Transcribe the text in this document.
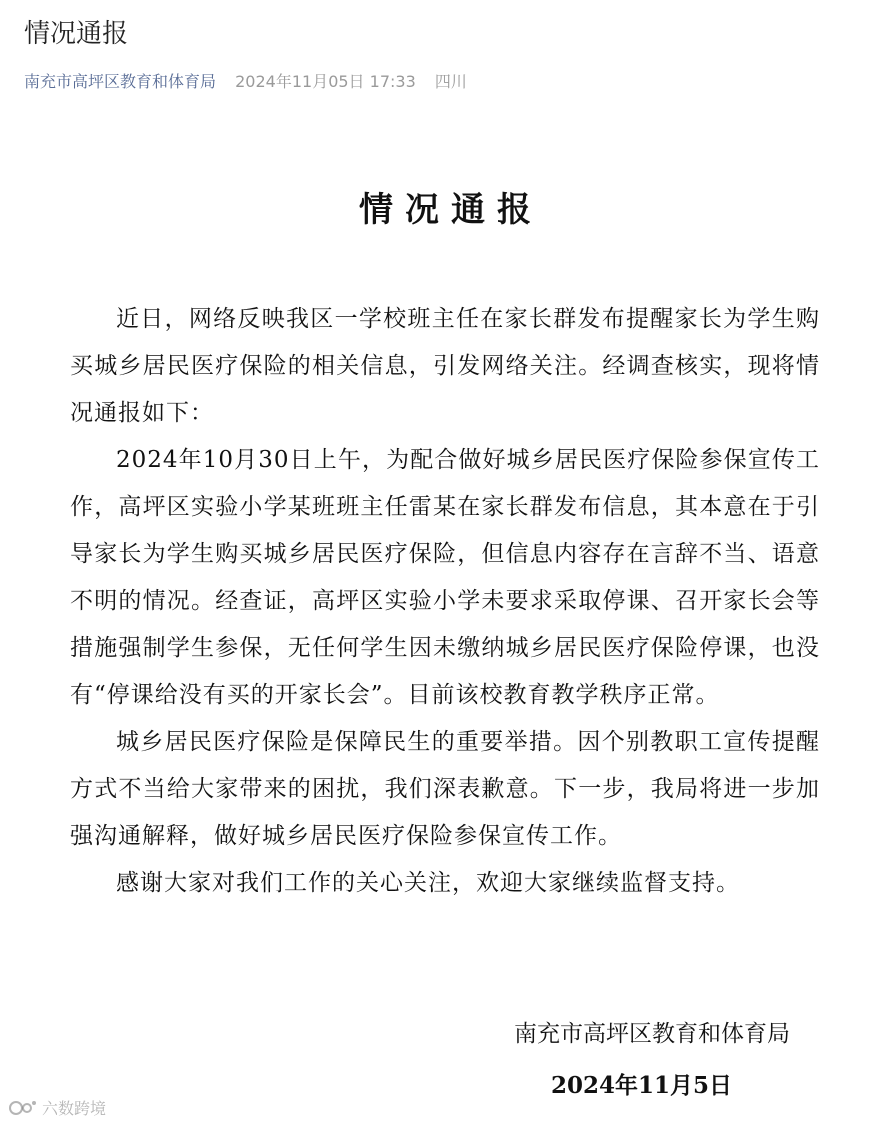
情况通报
南充市高坪区教育和体育局 2024年11月05日 17:33 四川
情况通报

近日，网络反映我区一学校班主任在家长群发布提醒家长为学生购买城乡居民医疗保险的相关信息，引发网络关注。经调查核实，现将情况通报如下：

2024年10月30日上午，为配合做好城乡居民医疗保险参保宣传工作，高坪区实验小学某班班主任雷某在家长群发布信息，其本意在于引导家长为学生购买城乡居民医疗保险，但信息内容存在言辞不当、语意不明的情况。经查证，高坪区实验小学未要求采取停课、召开家长会等措施强制学生参保，无任何学生因未缴纳城乡居民医疗保险停课，也没有“停课给没有买的开家长会”。目前该校教育教学秩序正常。

城乡居民医疗保险是保障民生的重要举措。因个别教职工宣传提醒方式不当给大家带来的困扰，我们深表歉意。下一步，我局将进一步加强沟通解释，做好城乡居民医疗保险参保宣传工作。

感谢大家对我们工作的关心关注，欢迎大家继续监督支持。

南充市高坪区教育和体育局
2024年11月5日
六数跨境
